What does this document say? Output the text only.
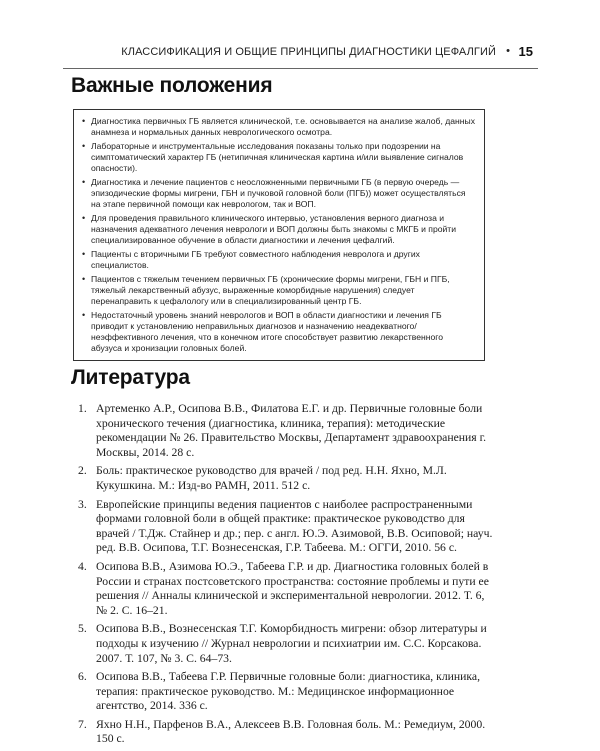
КЛАССИФИКАЦИЯ И ОБЩИЕ ПРИНЦИПЫ ДИАГНОСТИКИ ЦЕФАЛГИЙ • 15
Важные положения
• Диагностика первичных ГБ является клинической, т.е. основывается на анализе жалоб, данных анамнеза и нормальных данных неврологического осмотра.
• Лабораторные и инструментальные исследования показаны только при подозрении на симптоматический характер ГБ (нетипичная клиническая картина и/или выявление сигналов опасности).
• Диагностика и лечение пациентов с неосложненными первичными ГБ (в первую очередь — эпизодические формы мигрени, ГБН и пучковой головной боли (ПГБ)) может осуществляться на этапе первичной помощи как неврологом, так и ВОП.
• Для проведения правильного клинического интервью, установления верного диагноза и назначения адекватного лечения неврологи и ВОП должны быть знакомы с МКГБ и пройти специализированное обучение в области диагностики и лечения цефалгий.
• Пациенты с вторичными ГБ требуют совместного наблюдения невролога и других специалистов.
• Пациентов с тяжелым течением первичных ГБ (хронические формы мигрени, ГБН и ПГБ, тяжелый лекарственный абузус, выраженные коморбидные нарушения) следует перенаправить к цефалологу или в специализированный центр ГБ.
• Недостаточный уровень знаний неврологов и ВОП в области диагностики и лечения ГБ приводит к установлению неправильных диагнозов и назначению неадекватного/неэффективного лечения, что в конечном итоге способствует развитию лекарственного абузуса и хронизации головных болей.
Литература
1. Артеменко А.Р., Осипова В.В., Филатова Е.Г. и др. Первичные головные боли хронического течения (диагностика, клиника, терапия): методические рекомендации № 26. Правительство Москвы, Департамент здравоохранения г. Москвы, 2014. 28 с.
2. Боль: практическое руководство для врачей / под ред. Н.Н. Яхно, М.Л. Кукушкина. М.: Изд-во РАМН, 2011. 512 с.
3. Европейские принципы ведения пациентов с наиболее распространенными формами головной боли в общей практике: практическое руководство для врачей / Т.Дж. Стайнер и др.; пер. с англ. Ю.Э. Азимовой, В.В. Осиповой; науч. ред. В.В. Осипова, Т.Г. Вознесенская, Г.Р. Табеева. М.: ОГГИ, 2010. 56 с.
4. Осипова В.В., Азимова Ю.Э., Табеева Г.Р. и др. Диагностика головных болей в России и странах постсоветского пространства: состояние проблемы и пути ее решения // Анналы клинической и экспериментальной неврологии. 2012. Т. 6, № 2. С. 16–21.
5. Осипова В.В., Вознесенская Т.Г. Коморбидность мигрени: обзор литературы и подходы к изучению // Журнал неврологии и психиатрии им. С.С. Корсакова. 2007. Т. 107, № 3. С. 64–73.
6. Осипова В.В., Табеева Г.Р. Первичные головные боли: диагностика, клиника, терапия: практическое руководство. М.: Медицинское информационное агентство, 2014. 336 с.
7. Яхно Н.Н., Парфенов В.А., Алексеев В.В. Головная боль. М.: Ремедиум, 2000. 150 с.
